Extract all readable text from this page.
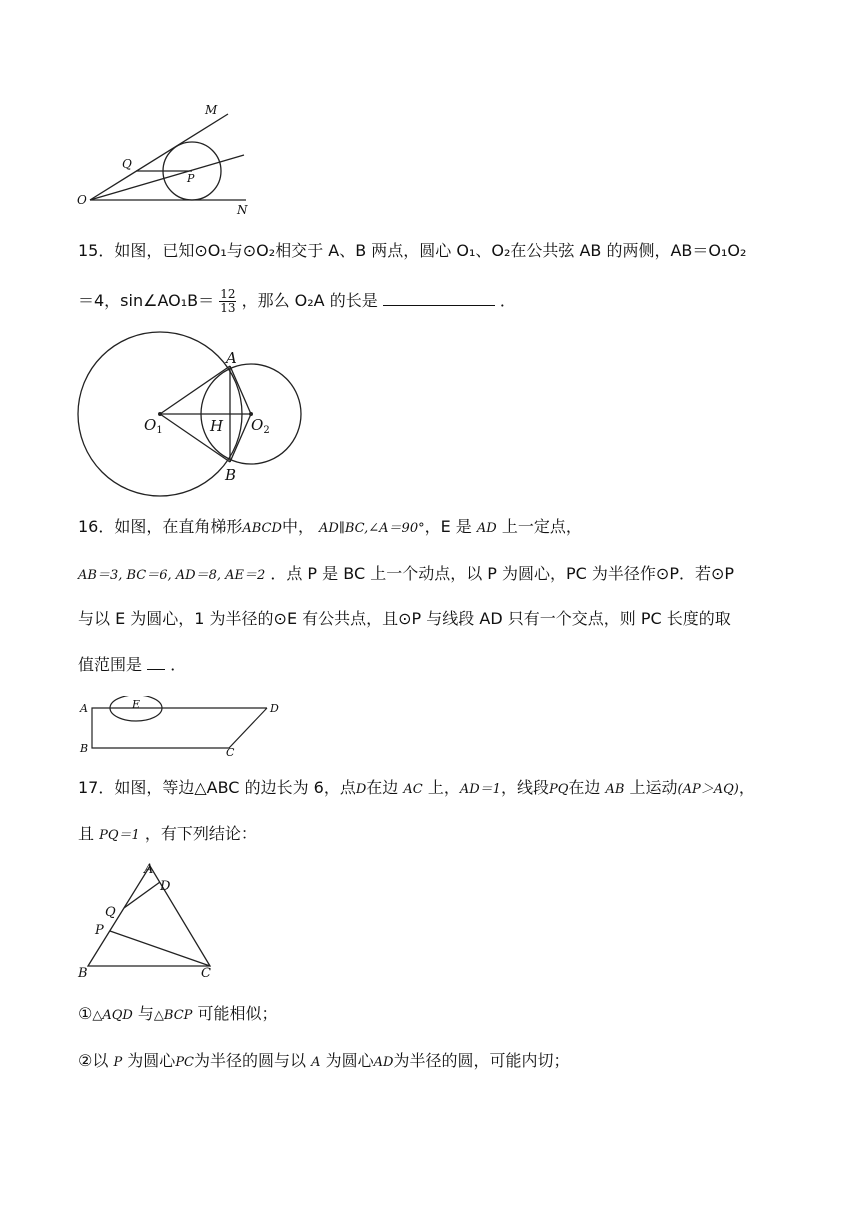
M
Q
P
O
N
15．如图，已知⊙O₁与⊙O₂相交于 A、B 两点，圆心 O₁、O₂在公共弦 AB 的两侧，AB＝O₁O₂
＝4，sin∠AO₁B＝ $\frac{12}{13}$ ，那么 O₂A 的长是	．
A
B
$O_1$	H $O_2$
16．如图，在直角梯形ABCD中， AD∥BC,∠A＝90°，E 是 AD 上一定点，
AB＝3, BC＝6, AD＝8, AE＝2 ．点 P 是 BC 上一个动点，以 P 为圆心，PC 为半径作⊙P．若⊙P
与以 E 为圆心，1 为半径的⊙E 有公共点，且⊙P 与线段 AD 只有一个交点，则 PC 长度的取
值范围是 ．
A	E	D
B	C
17．如图，等边△ABC 的边长为 6，点D在边 AC 上，AD＝1，线段PQ在边 AB 上运动(AP＞AQ)，
且 PQ＝1 ，有下列结论：
A
D
Q
P
B	C
①△AQD 与△BCP 可能相似；
②以 P 为圆心PC为半径的圆与以 A 为圆心AD为半径的圆，可能内切；
